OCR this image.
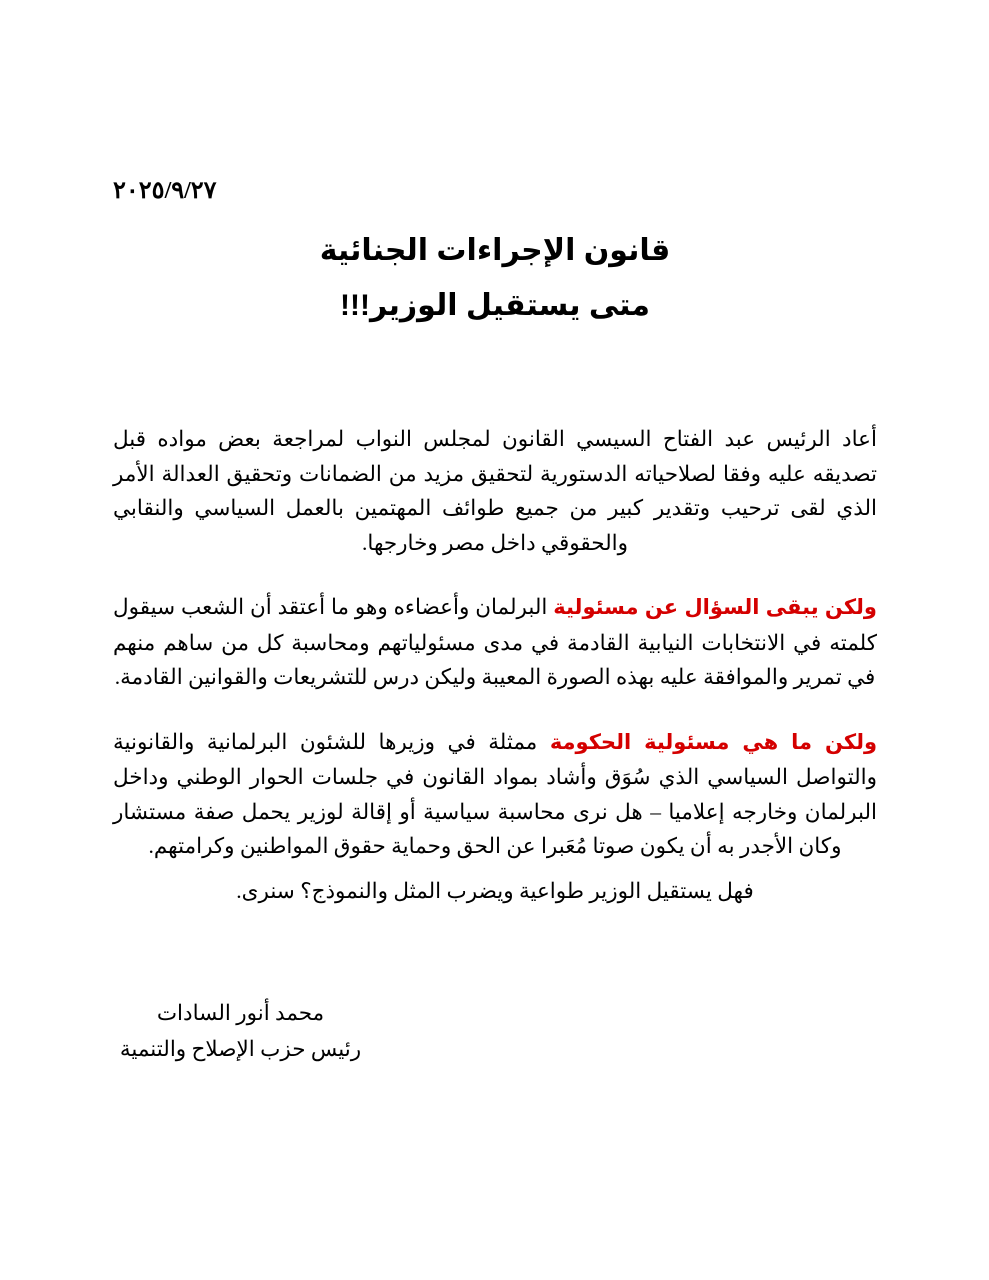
٢٠٢٥/٩/٢٧
قانون الإجراءات الجنائية
متى يستقيل الوزير!!!

أعاد الرئيس عبد الفتاح السيسي القانون لمجلس النواب لمراجعة بعض مواده قبل تصديقه عليه وفقا لصلاحياته الدستورية لتحقيق مزيد من الضمانات وتحقيق العدالة الأمر الذي لقى ترحيب وتقدير كبير من جميع طوائف المهتمين بالعمل السياسي والنقابي والحقوقي داخل مصر وخارجها.

ولكن يبقى السؤال عن مسئولية البرلمان وأعضاءه وهو ما أعتقد أن الشعب سيقول كلمته في الانتخابات النيابية القادمة في مدى مسئولياتهم ومحاسبة كل من ساهم منهم في تمرير والموافقة عليه بهذه الصورة المعيبة وليكن درس للتشريعات والقوانين القادمة.

ولكن ما هي مسئولية الحكومة ممثلة في وزيرها للشئون البرلمانية والقانونية والتواصل السياسي الذي سُوَق وأشاد بمواد القانون في جلسات الحوار الوطني وداخل البرلمان وخارجه إعلاميا – هل نرى محاسبة سياسية أو إقالة لوزير يحمل صفة مستشار وكان الأجدر به أن يكون صوتا مُعَبرا عن الحق وحماية حقوق المواطنين وكرامتهم.

فهل يستقيل الوزير طواعية ويضرب المثل والنموذج؟ سنرى.

محمد أنور السادات
رئيس حزب الإصلاح والتنمية
